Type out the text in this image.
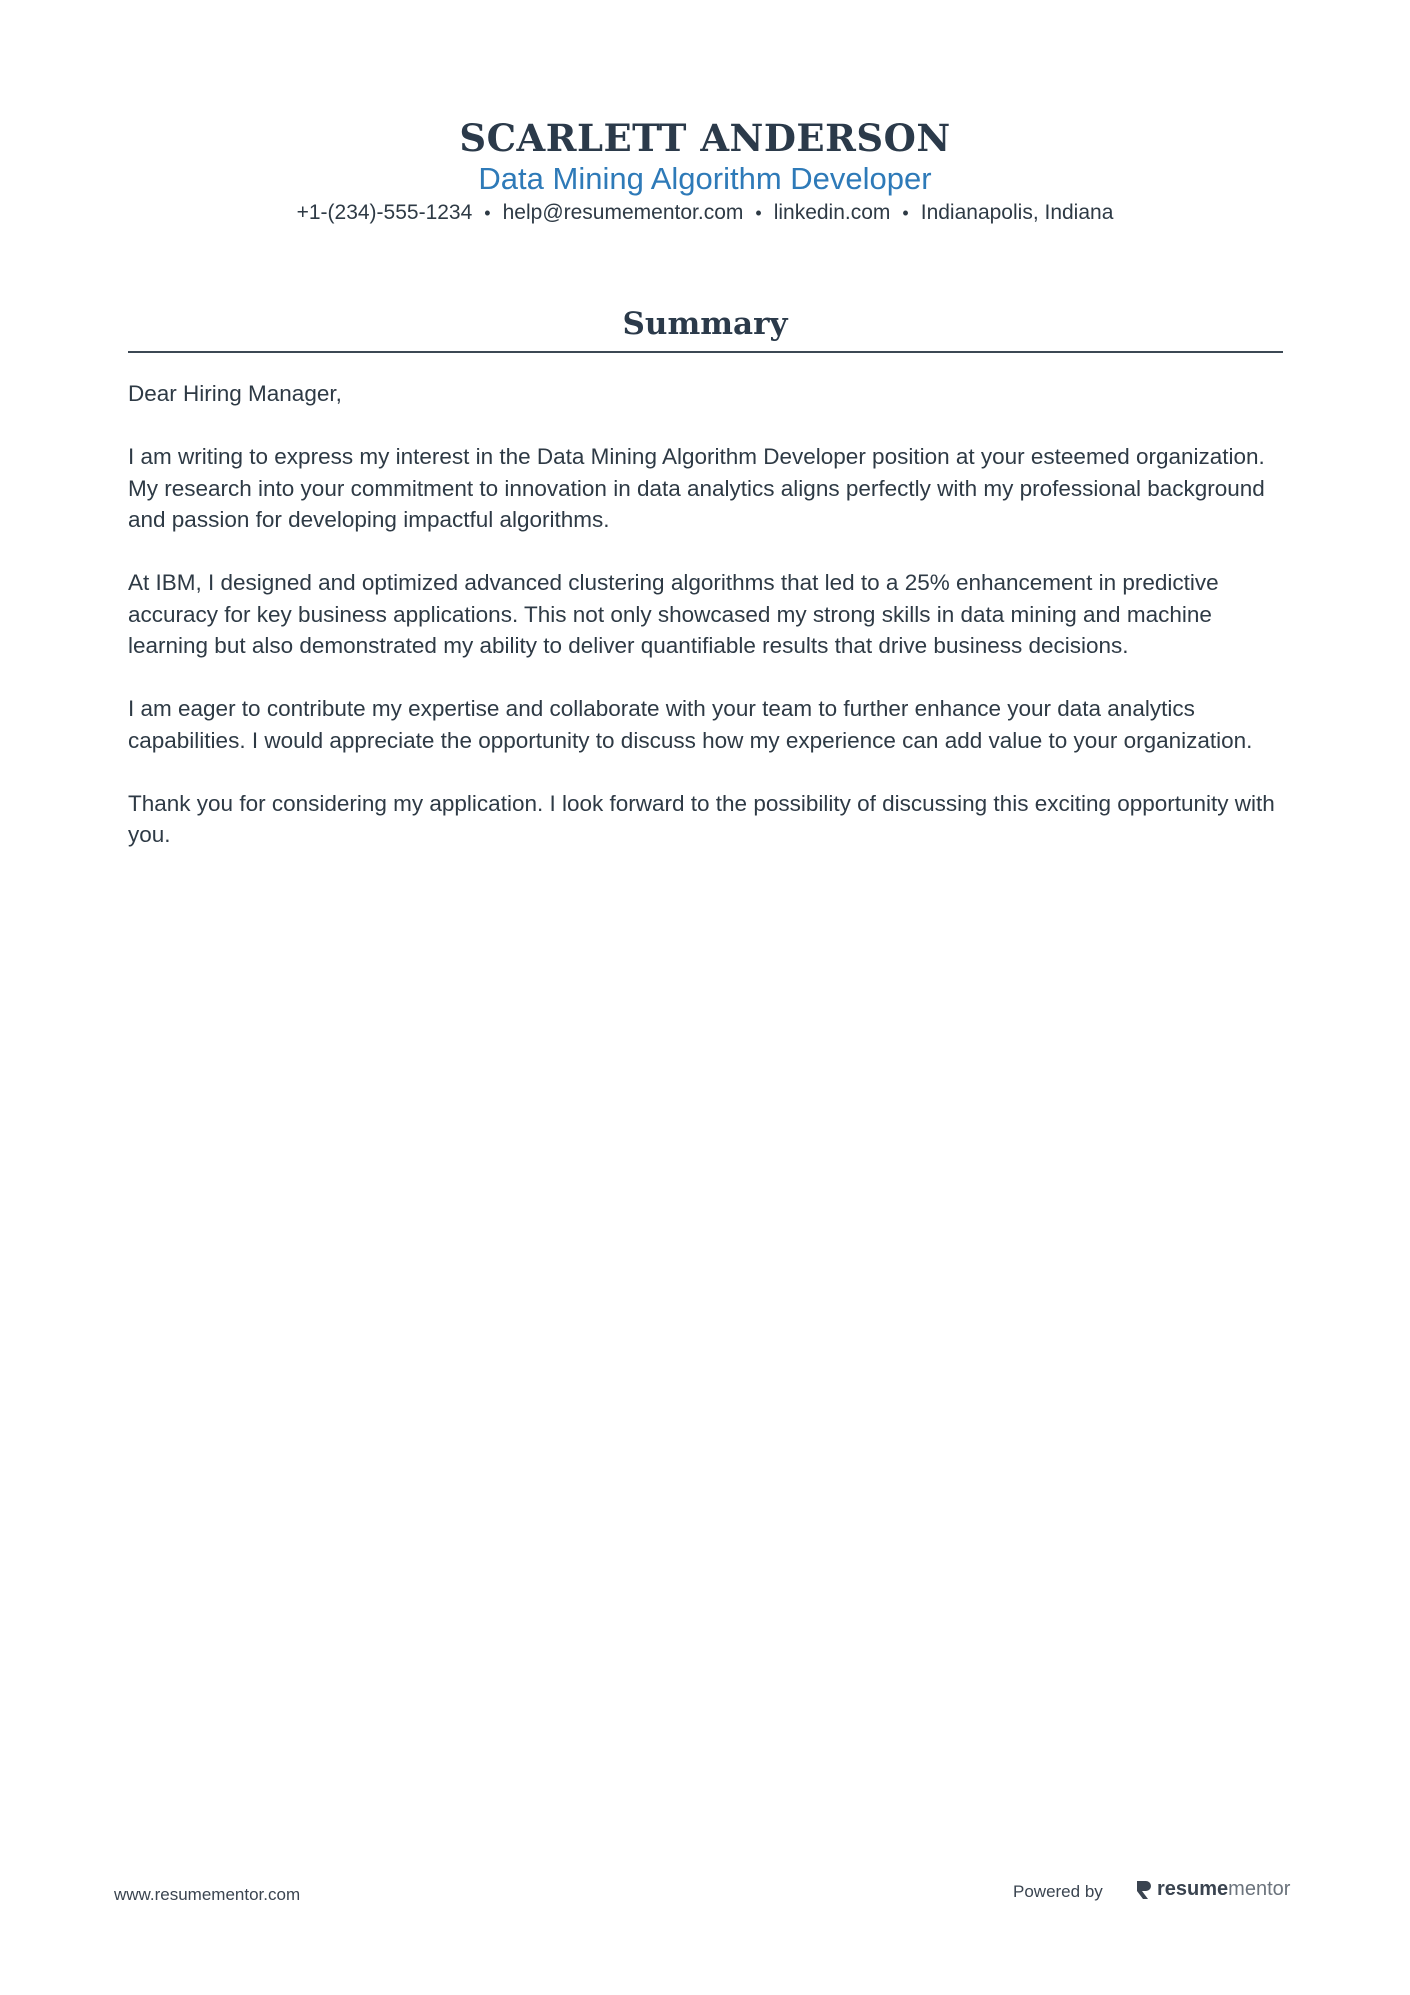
SCARLETT ANDERSON
Data Mining Algorithm Developer
+1-(234)-555-1234 • help@resumementor.com • linkedin.com • Indianapolis, Indiana
Summary

Dear Hiring Manager,

I am writing to express my interest in the Data Mining Algorithm Developer position at your esteemed organization. My research into your commitment to innovation in data analytics aligns perfectly with my professional background and passion for developing impactful algorithms.

At IBM, I designed and optimized advanced clustering algorithms that led to a 25% enhancement in predictive accuracy for key business applications. This not only showcased my strong skills in data mining and machine learning but also demonstrated my ability to deliver quantifiable results that drive business decisions.

I am eager to contribute my expertise and collaborate with your team to further enhance your data analytics capabilities. I would appreciate the opportunity to discuss how my experience can add value to your organization.

Thank you for considering my application. I look forward to the possibility of discussing this exciting opportunity with you.

www.resumementor.com	Powered by	resumementor
